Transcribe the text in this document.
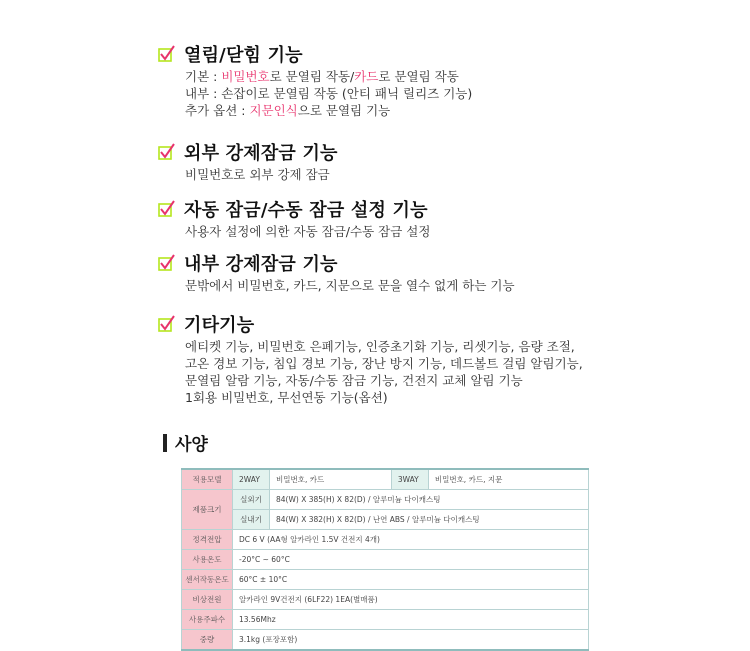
열림/닫힘 기능
기본 : 비밀번호로 문열림 작동/카드로 문열림 작동
내부 : 손잡이로 문열림 작동 (안티 패닉 릴리즈 기능)
추가 옵션 : 지문인식으로 문열림 기능
외부 강제잠금 기능
비밀번호로 외부 강제 잠금
자동 잠금/수동 잠금 설정 기능
사용자 설정에 의한 자동 잠금/수동 잠금 설정
내부 강제잠금 기능
문밖에서 비밀번호, 카드, 지문으로 문을 열수 없게 하는 기능
기타기능
에티켓 기능, 비밀번호 은폐기능, 인증초기화 기능, 리셋기능, 음량 조절,
고온 경보 기능, 침입 경보 기능, 장난 방지 기능, 데드볼트 걸림 알림기능,
문열림 알람 기능, 자동/수동 잠금 기능, 건전지 교체 알림 기능
1회용 비밀번호, 무선연동 기능(옵션)
사양
적용모델	2WAY	비밀번호, 카드	3WAY	비밀번호, 카드, 지문
제품크기	실외기	84(W) X 385(H) X 82(D) / 알루미늄 다이캐스팅		
	실내기	84(W) X 382(H) X 82(D) / 난연 ABS / 알루미늄 다이캐스팅		
정격전압	DC 6 V (AA형 알카라인 1.5V 건전지 4개)			
사용온도	-20°C ~ 60°C			
센서작동온도	60°C ± 10°C			
비상전원	알카라인 9V건전지 (6LF22) 1EA(별매품)			
사용주파수	13.56Mhz			
중량	3.1kg (포장포함)			
